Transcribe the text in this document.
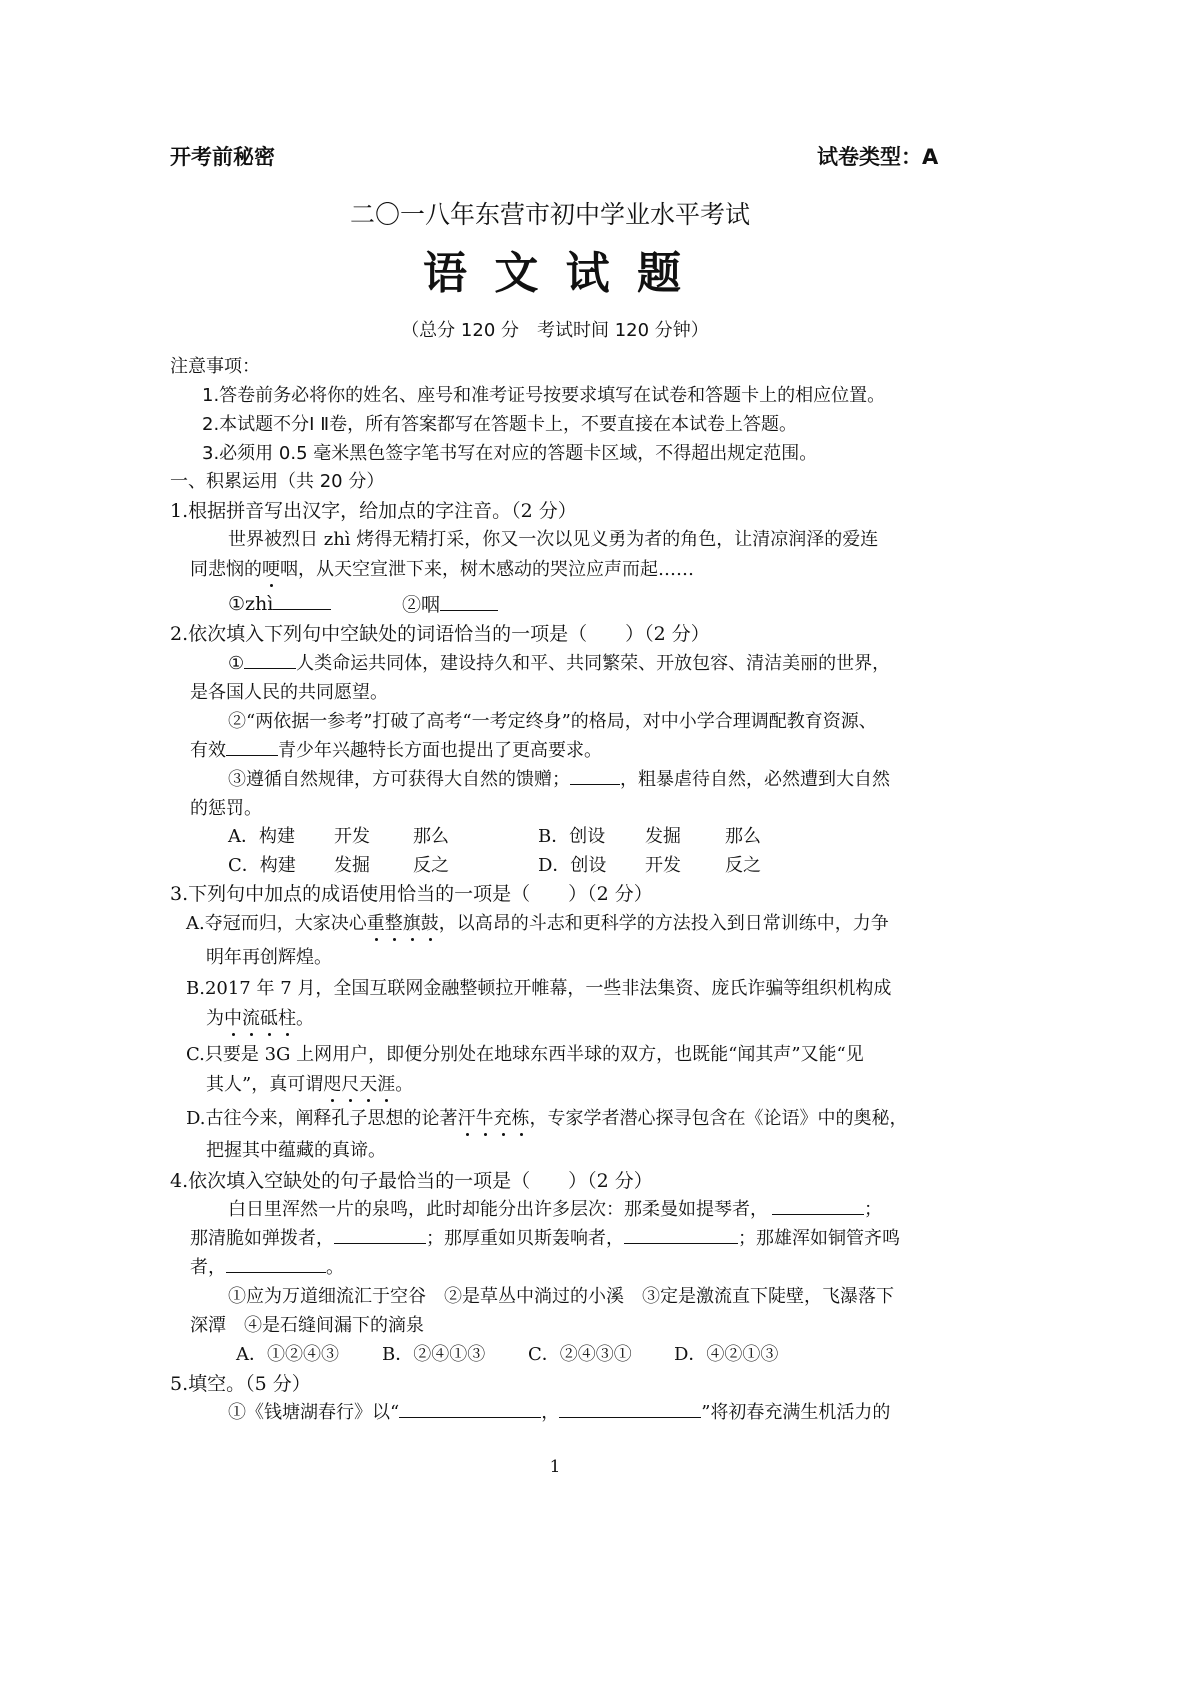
开考前秘密	试卷类型：A
二〇一八年东营市初中学业水平考试
语 文 试 题
（总分 120 分　考试时间 120 分钟）
注意事项：
1.答卷前务必将你的姓名、座号和准考证号按要求填写在试卷和答题卡上的相应位置。
2.本试题不分Ⅰ Ⅱ卷，所有答案都写在答题卡上，不要直接在本试卷上答题。
3.必须用 0.5 毫米黑色签字笔书写在对应的答题卡区域，不得超出规定范围。
一、积累运用（共 20 分）
1.根据拼音写出汉字，给加点的字注音。（2 分）
世界被烈日 zhì 烤得无精打采，你又一次以见义勇为者的角色，让清凉润泽的爱连
同悲悯的哽咽，从天空宣泄下来，树木感动的哭泣应声而起……
①zhì	②咽
2.依次填入下列句中空缺处的词语恰当的一项是（　　）（2 分）
①	人类命运共同体，建设持久和平、共同繁荣、开放包容、清洁美丽的世界，
是各国人民的共同愿望。
②“两依据一参考”打破了高考“一考定终身”的格局，对中小学合理调配教育资源、
有效	青少年兴趣特长方面也提出了更高要求。
③遵循自然规律，方可获得大自然的馈赠；	，粗暴虐待自然，必然遭到大自然
的惩罚。
A．构建 开发 那么	B．创设 发掘 那么
C．构建 发掘 反之	D．创设 开发 反之
3.下列句中加点的成语使用恰当的一项是（　　）（2 分）
A.夺冠而归，大家决心重整旗鼓，以高昂的斗志和更科学的方法投入到日常训练中，力争
明年再创辉煌。
B.2017 年 7 月，全国互联网金融整顿拉开帷幕，一些非法集资、庞氏诈骗等组织机构成
为中流砥柱。
C.只要是 3G 上网用户，即便分别处在地球东西半球的双方，也既能“闻其声”又能“见
其人”，真可谓咫尺天涯。
D.古往今来，阐释孔子思想的论著汗牛充栋，专家学者潜心探寻包含在《论语》中的奥秘，
把握其中蕴藏的真谛。
4.依次填入空缺处的句子最恰当的一项是（　　）（2 分）
白日里浑然一片的泉鸣，此时却能分出许多层次：那柔曼如提琴者，	；
那清脆如弹拨者，	；那厚重如贝斯轰响者，	；那雄浑如铜管齐鸣
者，	。
①应为万道细流汇于空谷　②是草丛中淌过的小溪　③定是激流直下陡壁，飞瀑落下
深潭　④是石缝间漏下的滴泉
A．①②④③ B．②④①③ C．②④③① D．④②①③
5.填空。（5 分）
①《钱塘湖春行》以“	，	”将初春充满生机活力的
1
